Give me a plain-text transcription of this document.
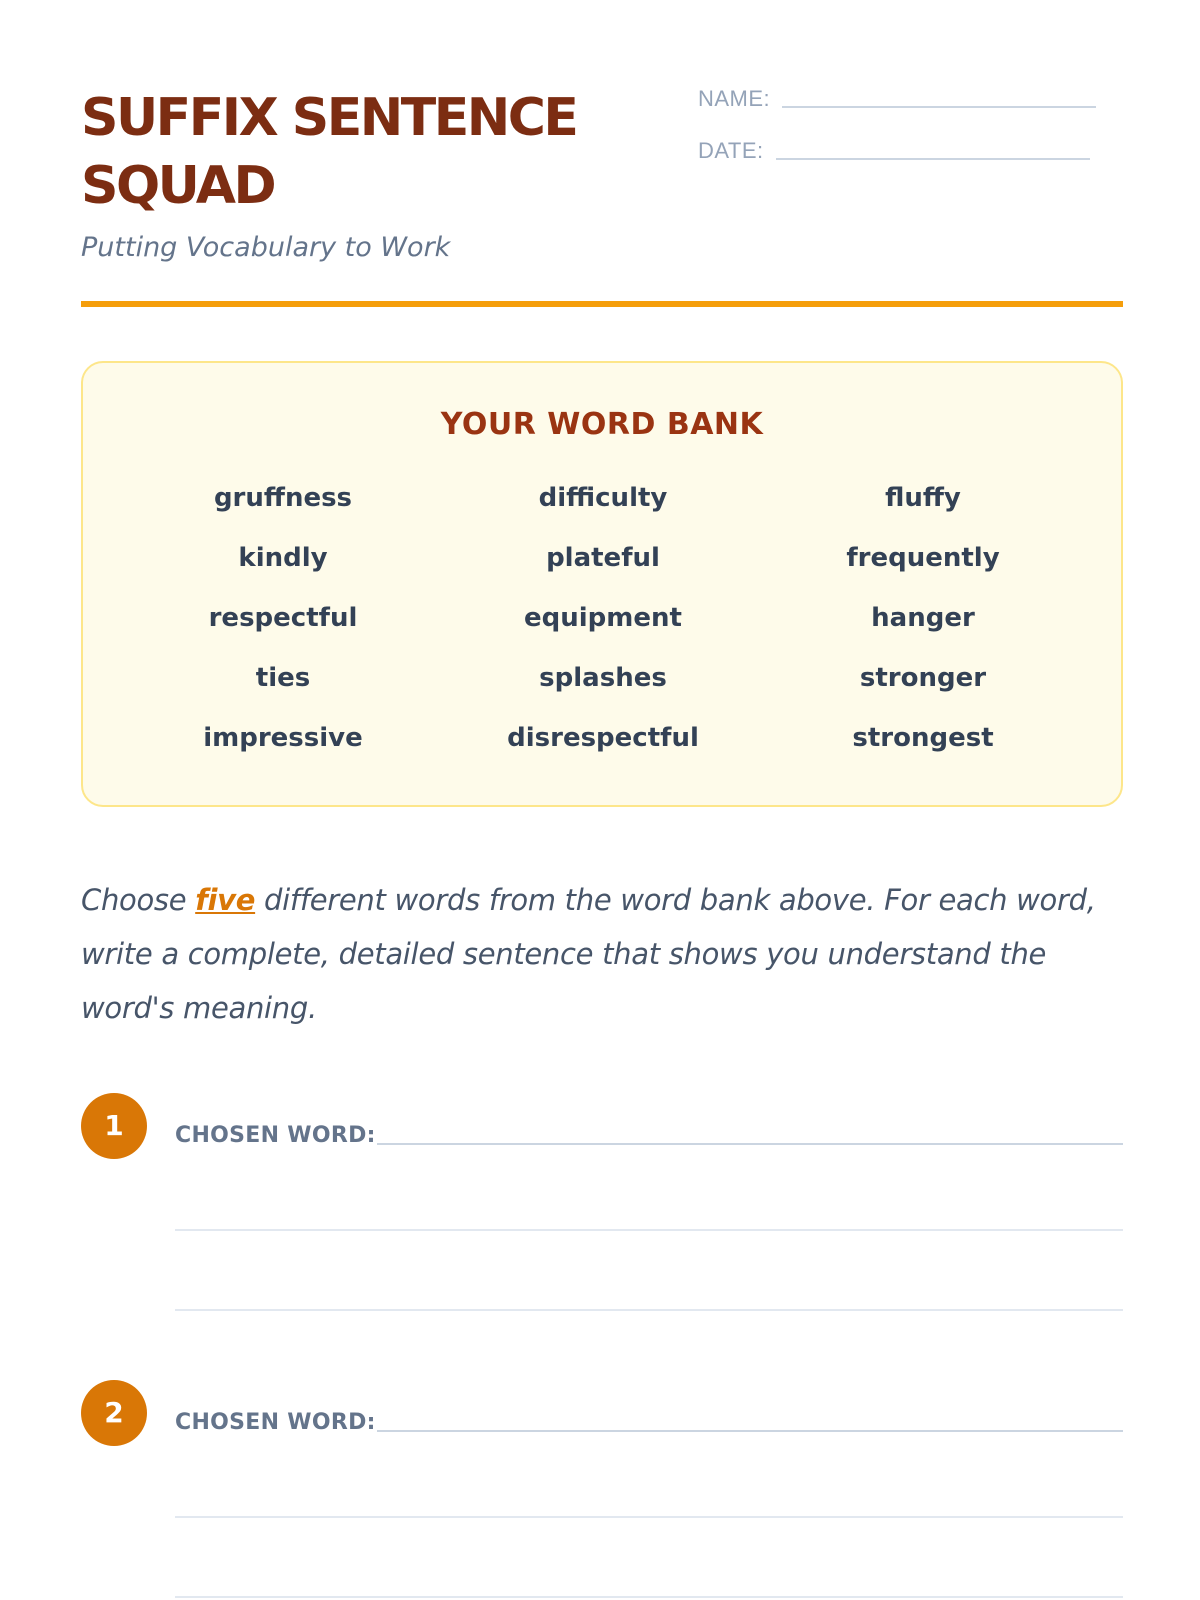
SUFFIX SENTENCE
SQUAD
Putting Vocabulary to Work
NAME:
DATE:
YOUR WORD BANK
gruffness	difficulty	fluffy
kindly	plateful	frequently
respectful	equipment	hanger
ties	splashes	stronger
impressive	disrespectful	strongest

Choose five different words from the word bank above. For each word, write a complete, detailed sentence that shows you understand the word's meaning.

1	CHOSEN WORD:
2	CHOSEN WORD:
